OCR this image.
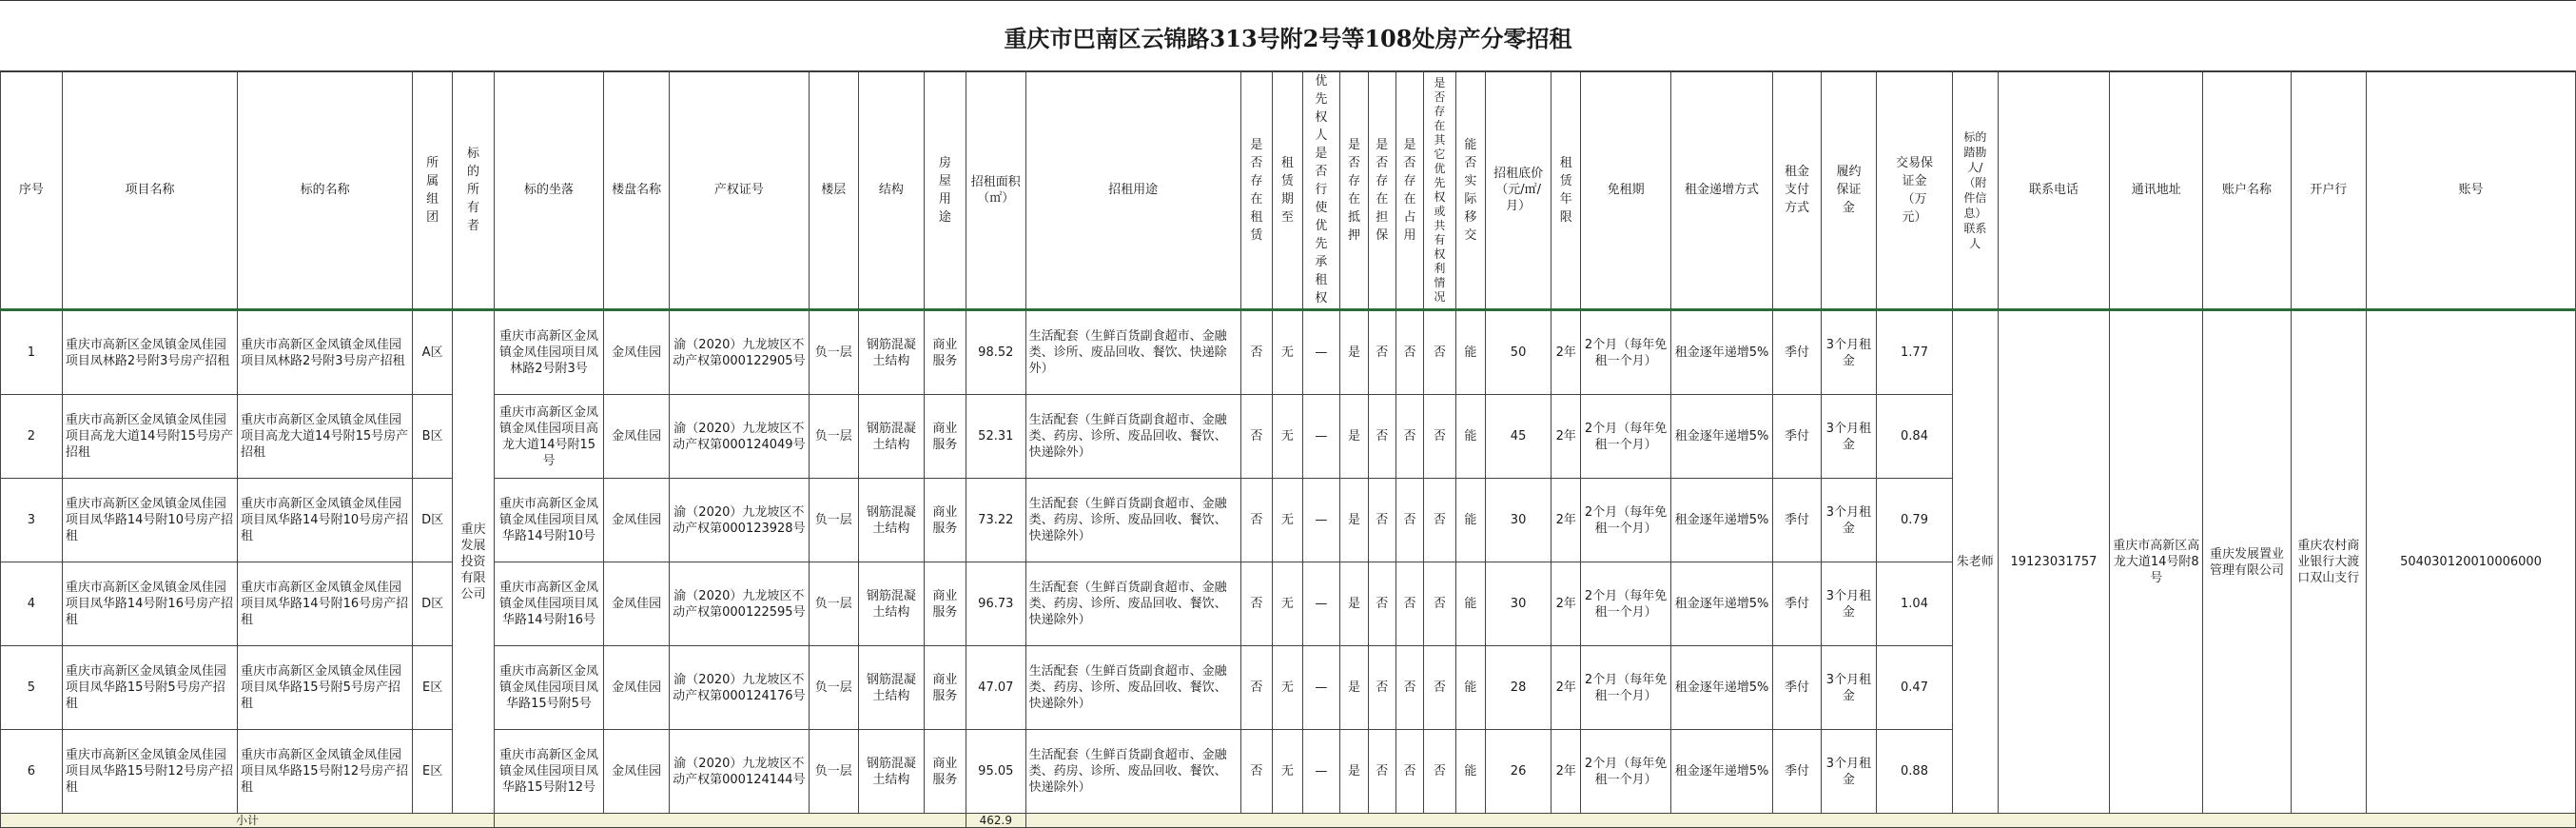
重庆市巴南区云锦路313号附2号等108处房产分零招租
序号	项目名称	标的名称	所属组团	标的所有者	标的坐落	楼盘名称	产权证号	楼层	结构	房屋用途	招租面积（㎡）	招租用途	是否存在租赁	租赁期至	优先权人是否行使优先承租权	是否存在抵押	是否存在担保	是否存在占用	是否存在其它优先权或共有权利情况	能否实际移交	招租底价（元/㎡/月）	租赁年限	免租期	租金递增方式	租金支付方式	履约保证金	交易保证金（万元）	标的踏勘人/（附件信息）联系人	联系电话	通讯地址	账户名称	开户行	账号
1	重庆市高新区金凤镇金凤佳园项目凤林路2号附3号房产招租	重庆市高新区金凤镇金凤佳园项目凤林路2号附3号房产招租	A区	重庆发展投资有限公司	重庆市高新区金凤镇金凤佳园项目凤林路2号附3号	金凤佳园	渝（2020）九龙坡区不动产权第000122905号	负一层	钢筋混凝土结构	商业服务	98.52	生活配套（生鲜百货副食超市、金融类、诊所、废品回收、餐饮、快递除外）	否	无	—	是	否	否	否	能	50	2年	2个月（每年免租一个月）	租金逐年递增5%	季付	3个月租金	1.77	朱老师	19123031757	重庆市高新区高龙大道14号附8号	重庆发展置业管理有限公司	重庆农村商业银行大渡口双山支行	504030120010006000
2	重庆市高新区金凤镇金凤佳园项目高龙大道14号附15号房产招租	重庆市高新区金凤镇金凤佳园项目高龙大道14号附15号房产招租	B区		重庆市高新区金凤镇金凤佳园项目高龙大道14号附15号	金凤佳园	渝（2020）九龙坡区不动产权第000124049号	负一层	钢筋混凝土结构	商业服务	52.31	生活配套（生鲜百货副食超市、金融类、药房、诊所、废品回收、餐饮、快递除外）	否	无	—	是	否	否	否	能	45	2年	2个月（每年免租一个月）	租金逐年递增5%	季付	3个月租金	0.84						
3	重庆市高新区金凤镇金凤佳园项目凤华路14号附10号房产招租	重庆市高新区金凤镇金凤佳园项目凤华路14号附10号房产招租	D区		重庆市高新区金凤镇金凤佳园项目凤华路14号附10号	金凤佳园	渝（2020）九龙坡区不动产权第000123928号	负一层	钢筋混凝土结构	商业服务	73.22	生活配套（生鲜百货副食超市、金融类、药房、诊所、废品回收、餐饮、快递除外）	否	无	—	是	否	否	否	能	30	2年	2个月（每年免租一个月）	租金逐年递增5%	季付	3个月租金	0.79						
4	重庆市高新区金凤镇金凤佳园项目凤华路14号附16号房产招租	重庆市高新区金凤镇金凤佳园项目凤华路14号附16号房产招租	D区		重庆市高新区金凤镇金凤佳园项目凤华路14号附16号	金凤佳园	渝（2020）九龙坡区不动产权第000122595号	负一层	钢筋混凝土结构	商业服务	96.73	生活配套（生鲜百货副食超市、金融类、药房、诊所、废品回收、餐饮、快递除外）	否	无	—	是	否	否	否	能	30	2年	2个月（每年免租一个月）	租金逐年递增5%	季付	3个月租金	1.04						
5	重庆市高新区金凤镇金凤佳园项目凤华路15号附5号房产招租	重庆市高新区金凤镇金凤佳园项目凤华路15号附5号房产招租	E区		重庆市高新区金凤镇金凤佳园项目凤华路15号附5号	金凤佳园	渝（2020）九龙坡区不动产权第000124176号	负一层	钢筋混凝土结构	商业服务	47.07	生活配套（生鲜百货副食超市、金融类、药房、诊所、废品回收、餐饮、快递除外）	否	无	—	是	否	否	否	能	28	2年	2个月（每年免租一个月）	租金逐年递增5%	季付	3个月租金	0.47						
6	重庆市高新区金凤镇金凤佳园项目凤华路15号附12号房产招租	重庆市高新区金凤镇金凤佳园项目凤华路15号附12号房产招租	E区		重庆市高新区金凤镇金凤佳园项目凤华路15号附12号	金凤佳园	渝（2020）九龙坡区不动产权第000124144号	负一层	钢筋混凝土结构	商业服务	95.05	生活配套（生鲜百货副食超市、金融类、药房、诊所、废品回收、餐饮、快递除外）	否	无	—	是	否	否	否	能	26	2年	2个月（每年免租一个月）	租金逐年递增5%	季付	3个月租金	0.88						
小计											462.9																						
